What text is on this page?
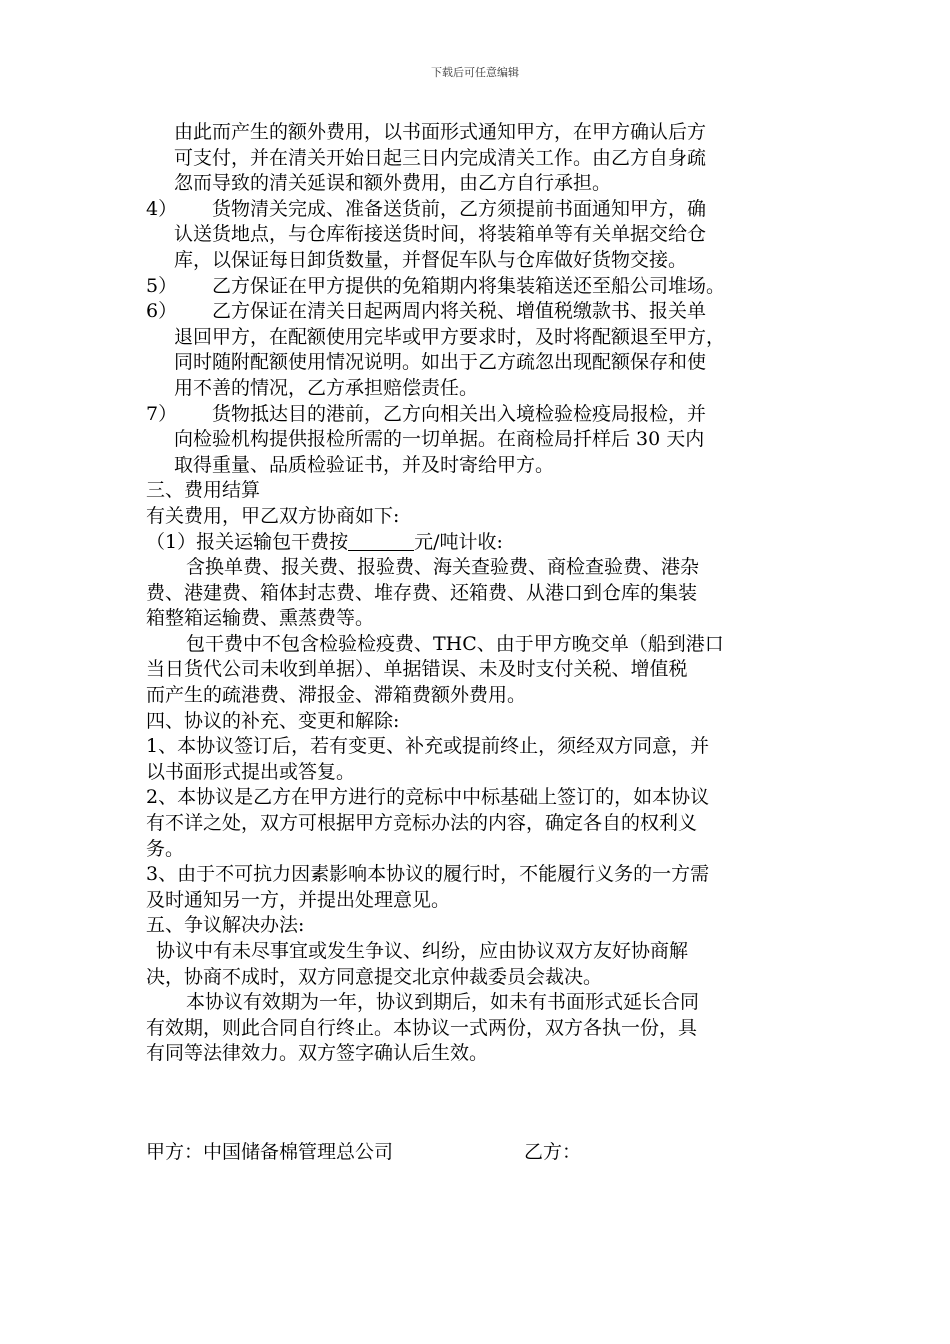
下载后可任意编辑
由此而产生的额外费用，以书面形式通知甲方，在甲方确认后方
可支付，并在清关开始日起三日内完成清关工作。由乙方自身疏
忽而导致的清关延误和额外费用，由乙方自行承担。
4） 货物清关完成、准备送货前，乙方须提前书面通知甲方，确
认送货地点，与仓库衔接送货时间，将装箱单等有关单据交给仓
库，以保证每日卸货数量，并督促车队与仓库做好货物交接。
5） 乙方保证在甲方提供的免箱期内将集装箱送还至船公司堆场。
6） 乙方保证在清关日起两周内将关税、增值税缴款书、报关单
退回甲方，在配额使用完毕或甲方要求时，及时将配额退至甲方，
同时随附配额使用情况说明。如出于乙方疏忽出现配额保存和使
用不善的情况，乙方承担赔偿责任。
7） 货物抵达目的港前，乙方向相关出入境检验检疫局报检，并
向检验机构提供报检所需的一切单据。在商检局扦样后 30 天内
取得重量、品质检验证书，并及时寄给甲方。
三、费用结算
有关费用，甲乙双方协商如下:
（1）报关运输包干费按	元/吨计收:
含换单费、报关费、报验费、海关查验费、商检查验费、港杂
费、港建费、箱体封志费、堆存费、还箱费、从港口到仓库的集装
箱整箱运输费、熏蒸费等。
包干费中不包含检验检疫费、THC、由于甲方晚交单（船到港口
当日货代公司未收到单据）、单据错误、未及时支付关税、增值税
而产生的疏港费、滞报金、滞箱费额外费用。
四、协议的补充、变更和解除:
1、本协议签订后，若有变更、补充或提前终止，须经双方同意，并
以书面形式提出或答复。
2、本协议是乙方在甲方进行的竞标中中标基础上签订的，如本协议
有不详之处，双方可根据甲方竞标办法的内容，确定各自的权利义
务。
3、由于不可抗力因素影响本协议的履行时，不能履行义务的一方需
及时通知另一方，并提出处理意见。
五、争议解决办法:
协议中有未尽事宜或发生争议、纠纷，应由协议双方友好协商解
决，协商不成时，双方同意提交北京仲裁委员会裁决。
本协议有效期为一年，协议到期后，如未有书面形式延长合同
有效期，则此合同自行终止。本协议一式两份，双方各执一份，具
有同等法律效力。双方签字确认后生效。
甲方：中国储备棉管理总公司	乙方：
